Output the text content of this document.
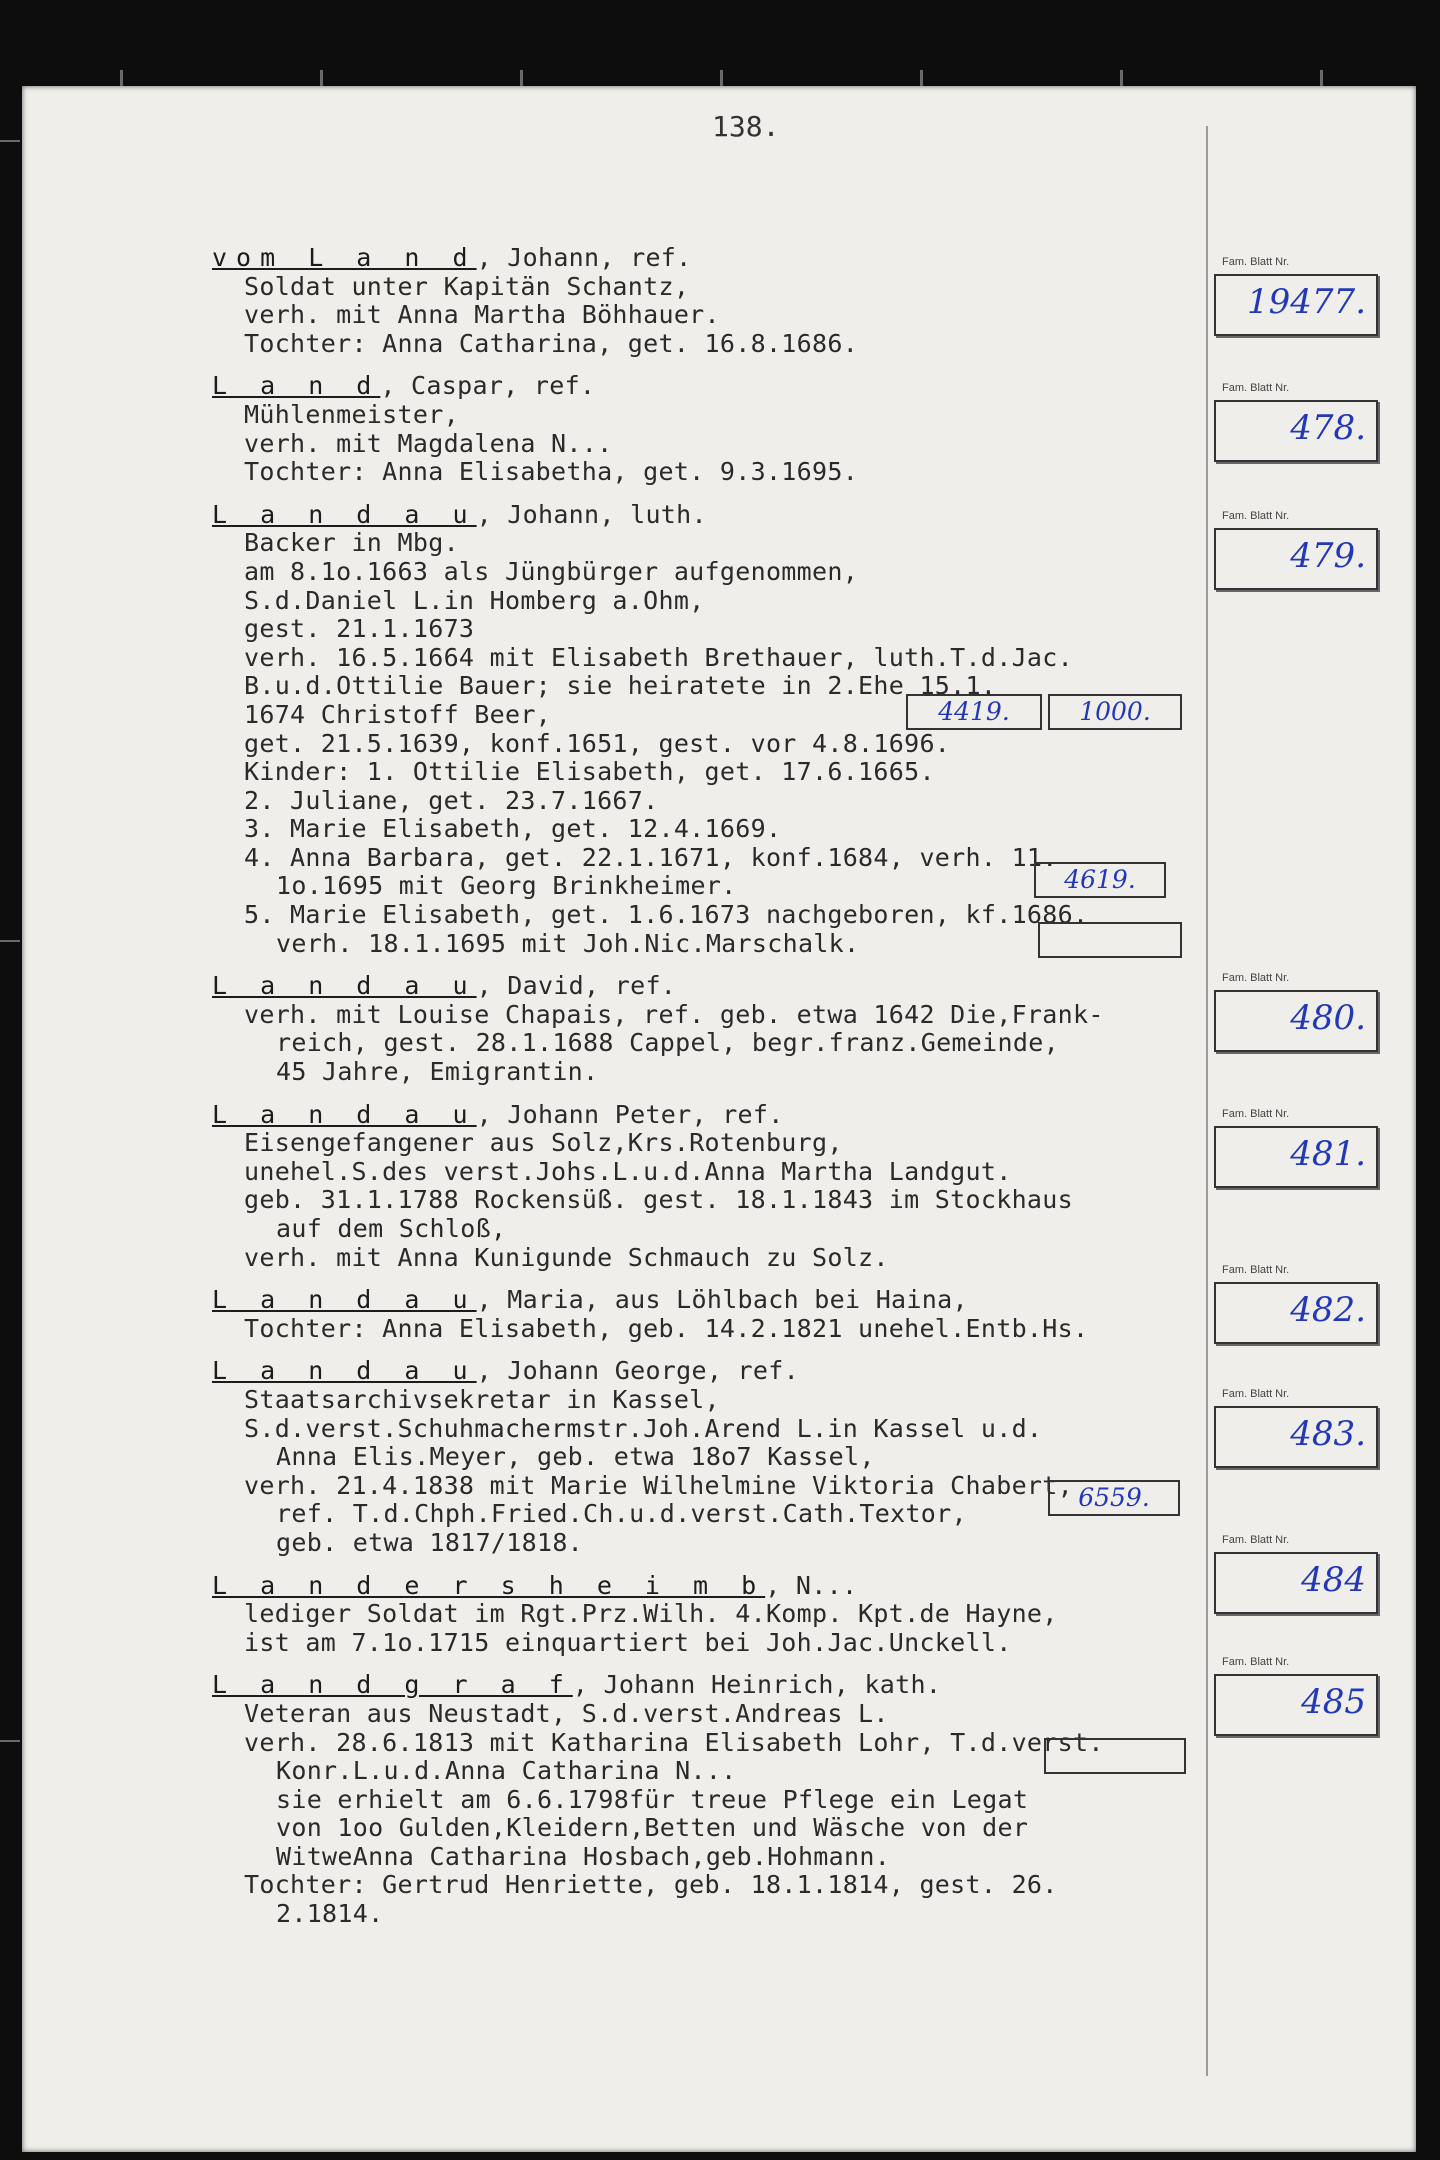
138.
vom L a n d, Johann, ref.
Soldat unter Kapitän Schantz,
verh. mit Anna Martha Böhhauer.
Tochter: Anna Catharina, get. 16.8.1686.
L a n d, Caspar, ref.
Mühlenmeister,
verh. mit Magdalena N...
Tochter: Anna Elisabetha, get. 9.3.1695.
L a n d a u, Johann, luth.
Backer in Mbg.
am 8.1o.1663 als Jüngbürger aufgenommen,
S.d.Daniel L.in Homberg a.Ohm,
gest. 21.1.1673
verh. 16.5.1664 mit Elisabeth Brethauer, luth.T.d.Jac.
B.u.d.Ottilie Bauer; sie heiratete in 2.Ehe 15.1.
1674 Christoff Beer,
get. 21.5.1639, konf.1651, gest. vor 4.8.1696.
Kinder: 1. Ottilie Elisabeth, get. 17.6.1665.
2. Juliane, get. 23.7.1667.
3. Marie Elisabeth, get. 12.4.1669.
4. Anna Barbara, get. 22.1.1671, konf.1684, verh. 11.
1o.1695 mit Georg Brinkheimer.
5. Marie Elisabeth, get. 1.6.1673 nachgeboren, kf.1686.
verh. 18.1.1695 mit Joh.Nic.Marschalk.
L a n d a u, David, ref.
verh. mit Louise Chapais, ref. geb. etwa 1642 Die,Frank-
reich, gest. 28.1.1688 Cappel, begr.franz.Gemeinde,
45 Jahre, Emigrantin.
L a n d a u, Johann Peter, ref.
Eisengefangener aus Solz,Krs.Rotenburg,
unehel.S.des verst.Johs.L.u.d.Anna Martha Landgut.
geb. 31.1.1788 Rockensüß. gest. 18.1.1843 im Stockhaus
auf dem Schloß,
verh. mit Anna Kunigunde Schmauch zu Solz.
L a n d a u, Maria, aus Löhlbach bei Haina,
Tochter: Anna Elisabeth, geb. 14.2.1821 unehel.Entb.Hs.
L a n d a u, Johann George, ref.
Staatsarchivsekretar in Kassel,
S.d.verst.Schuhmachermstr.Joh.Arend L.in Kassel u.d.
Anna Elis.Meyer, geb. etwa 18o7 Kassel,
verh. 21.4.1838 mit Marie Wilhelmine Viktoria Chabert,
ref. T.d.Chph.Fried.Ch.u.d.verst.Cath.Textor,
geb. etwa 1817/1818.
L a n d e r s h e i m b, N...
lediger Soldat im Rgt.Prz.Wilh. 4.Komp. Kpt.de Hayne,
ist am 7.1o.1715 einquartiert bei Joh.Jac.Unckell.
L a n d g r a f, Johann Heinrich, kath.
Veteran aus Neustadt, S.d.verst.Andreas L.
verh. 28.6.1813 mit Katharina Elisabeth Lohr, T.d.verst.
Konr.L.u.d.Anna Catharina N...
sie erhielt am 6.6.1798für treue Pflege ein Legat
von 1oo Gulden,Kleidern,Betten und Wäsche von der
WitweAnna Catharina Hosbach,geb.Hohmann.
Tochter: Gertrud Henriette, geb. 18.1.1814, gest. 26.
2.1814.
Fam. Blatt Nr.
19477.
Fam. Blatt Nr.
478.
Fam. Blatt Nr.
479.
Fam. Blatt Nr.
480.
Fam. Blatt Nr.
481.
Fam. Blatt Nr.
482.
Fam. Blatt Nr.
483.
Fam. Blatt Nr.
484
Fam. Blatt Nr.
485
4419.	1000.
4619.
6559.
